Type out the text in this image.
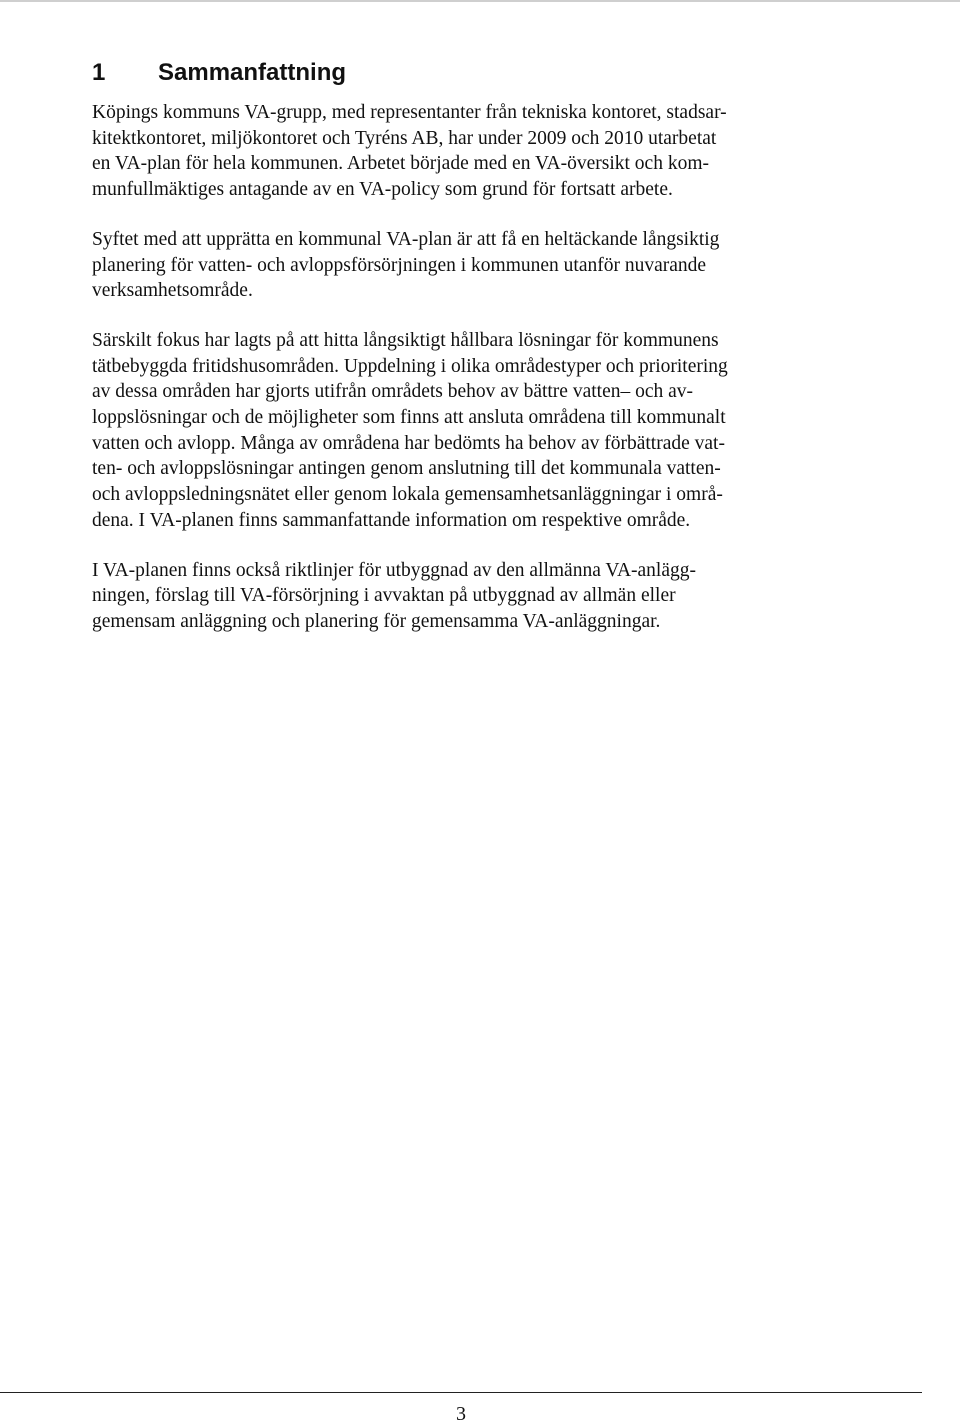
1	Sammanfattning
Köpings kommuns VA-grupp, med representanter från tekniska kontoret, stadsar-
kitektkontoret, miljökontoret och Tyréns AB, har under 2009 och 2010 utarbetat
en VA-plan för hela kommunen. Arbetet började med en VA-översikt och kom-
munfullmäktiges antagande av en VA-policy som grund för fortsatt arbete.
Syftet med att upprätta en kommunal VA-plan är att få en heltäckande långsiktig
planering för vatten- och avloppsförsörjningen i kommunen utanför nuvarande
verksamhetsområde.
Särskilt fokus har lagts på att hitta långsiktigt hållbara lösningar för kommunens
tätbebyggda fritidshusområden. Uppdelning i olika områdestyper och prioritering
av dessa områden har gjorts utifrån områdets behov av bättre vatten– och av-
loppslösningar och de möjligheter som finns att ansluta områdena till kommunalt
vatten och avlopp. Många av områdena har bedömts ha behov av förbättrade vat-
ten- och avloppslösningar antingen genom anslutning till det kommunala vatten-
och avloppsledningsnätet eller genom lokala gemensamhetsanläggningar i områ-
dena. I VA-planen finns sammanfattande information om respektive område.
I VA-planen finns också riktlinjer för utbyggnad av den allmänna VA-anlägg-
ningen, förslag till VA-försörjning i avvaktan på utbyggnad av allmän eller
gemensam anläggning och planering för gemensamma VA-anläggningar.
3
